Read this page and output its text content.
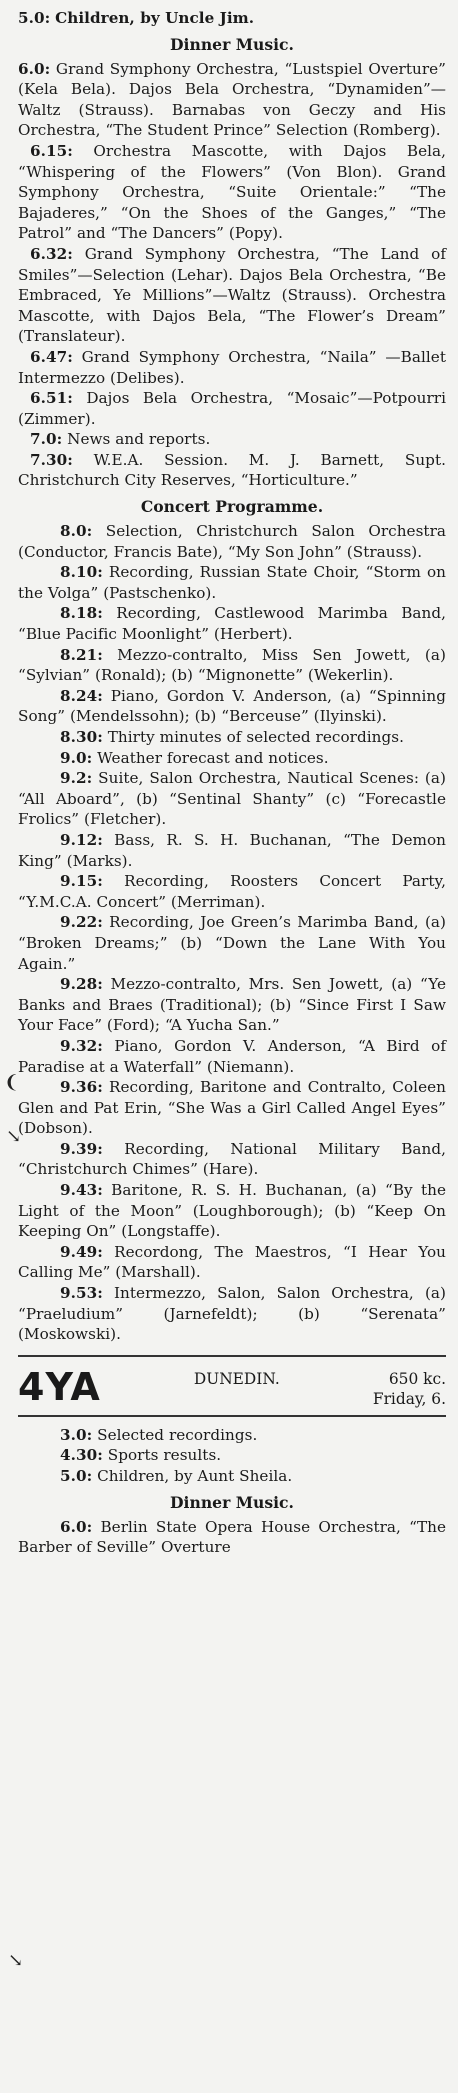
5.0: Children, by Uncle Jim.

Dinner Music.

6.0: Grand Symphony Orchestra, “Lustspiel Overture” (Kela Bela). Dajos Bela Orchestra, “Dynamiden”—Waltz (Strauss). Barnabas von Geczy and His Orchestra, “The Student Prince” Selection (Romberg).

6.15: Orchestra Mascotte, with Dajos Bela, “Whispering of the Flowers” (Von Blon). Grand Symphony Orchestra, “Suite Orientale:” “The Bajaderes,” “On the Shoes of the Ganges,” “The Patrol” and “The Dancers” (Popy).

6.32: Grand Symphony Orchestra, “The Land of Smiles”—Selection (Lehar). Dajos Bela Orchestra, “Be Embraced, Ye Millions”—Waltz (Strauss). Orchestra Mascotte, with Dajos Bela, “The Flower’s Dream” (Translateur).

6.47: Grand Symphony Orchestra, “Naila” —Ballet Intermezzo (Delibes).

6.51: Dajos Bela Orchestra, “Mosaic”—Potpourri (Zimmer).

7.0: News and reports.

7.30: W.E.A. Session. M. J. Barnett, Supt. Christchurch City Reserves, “Horticulture.”

Concert Programme.

8.0: Selection, Christchurch Salon Orchestra (Conductor, Francis Bate), “My Son John” (Strauss).

8.10: Recording, Russian State Choir, “Storm on the Volga” (Pastschenko).

8.18: Recording, Castlewood Marimba Band, “Blue Pacific Moonlight” (Herbert).

8.21: Mezzo-contralto, Miss Sen Jowett, (a) “Sylvian” (Ronald); (b) “Mignonette” (Wekerlin).

8.24: Piano, Gordon V. Anderson, (a) “Spinning Song” (Mendelssohn); (b) “Berceuse” (Ilyinski).

8.30: Thirty minutes of selected recordings.

9.0: Weather forecast and notices.

9.2: Suite, Salon Orchestra, Nautical Scenes: (a) “All Aboard”, (b) “Sentinal Shanty” (c) “Forecastle Frolics” (Fletcher).

9.12: Bass, R. S. H. Buchanan, “The Demon King” (Marks).

9.15: Recording, Roosters Concert Party, “Y.M.C.A. Concert” (Merriman).

9.22: Recording, Joe Green’s Marimba Band, (a) “Broken Dreams;” (b) “Down the Lane With You Again.”

9.28: Mezzo-contralto, Mrs. Sen Jowett, (a) “Ye Banks and Braes (Traditional); (b) “Since First I Saw Your Face” (Ford); “A Yucha San.”

9.32: Piano, Gordon V. Anderson, “A Bird of Paradise at a Waterfall” (Niemann).

9.36: Recording, Baritone and Contralto, Coleen Glen and Pat Erin, “She Was a Girl Called Angel Eyes” (Dobson).

9.39: Recording, National Military Band, “Christchurch Chimes” (Hare).

9.43: Baritone, R. S. H. Buchanan, (a) “By the Light of the Moon” (Loughborough); (b) “Keep On Keeping On” (Longstaffe).

9.49: Recordong, The Maestros, “I Hear You Calling Me” (Marshall).

9.53: Intermezzo, Salon, Salon Orchestra, (a) “Praeludium” (Jarnefeldt); (b) “Serenata” (Moskowski).

4YA	DUNEDIN.	650 kc.
Friday, 6.

3.0: Selected recordings.

4.30: Sports results.

5.0: Children, by Aunt Sheila.

Dinner Music.

6.0: Berlin State Opera House Orchestra, “The Barber of Seville” Overture

❨
↘
↘
